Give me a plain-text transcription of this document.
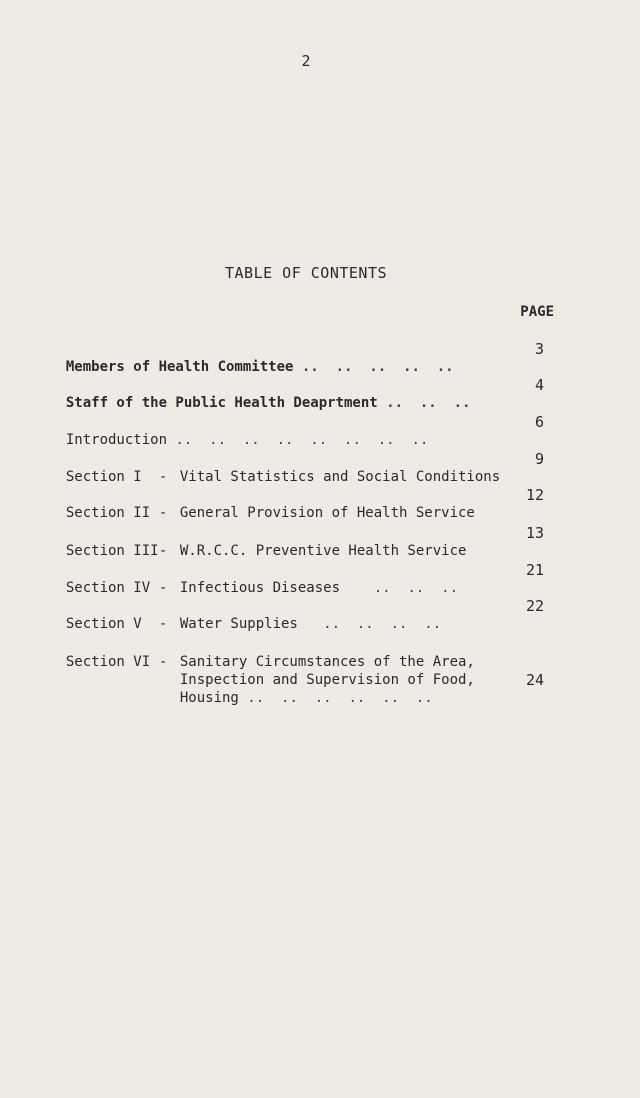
2
TABLE OF CONTENTS
PAGE

Members of Health Committee ..  ..  ..  ..  ..

3

Staff of the Public Health Deaprtment ..  ..  ..

4

Introduction ..  ..  ..  ..  ..  ..  ..  ..

6

Section I - Vital Statistics and Social Conditions

9

Section II - General Provision of Health Service

12

Section III- W.R.C.C. Preventive Health Service

13

Section IV - Infectious Diseases    ..  ..  ..

21

Section V - Water Supplies   ..  ..  ..  ..

22

Section VI - Sanitary Circumstances of the Area,
Inspection and Supervision of Food,
Housing ..  ..  ..  ..  ..  ..

24
